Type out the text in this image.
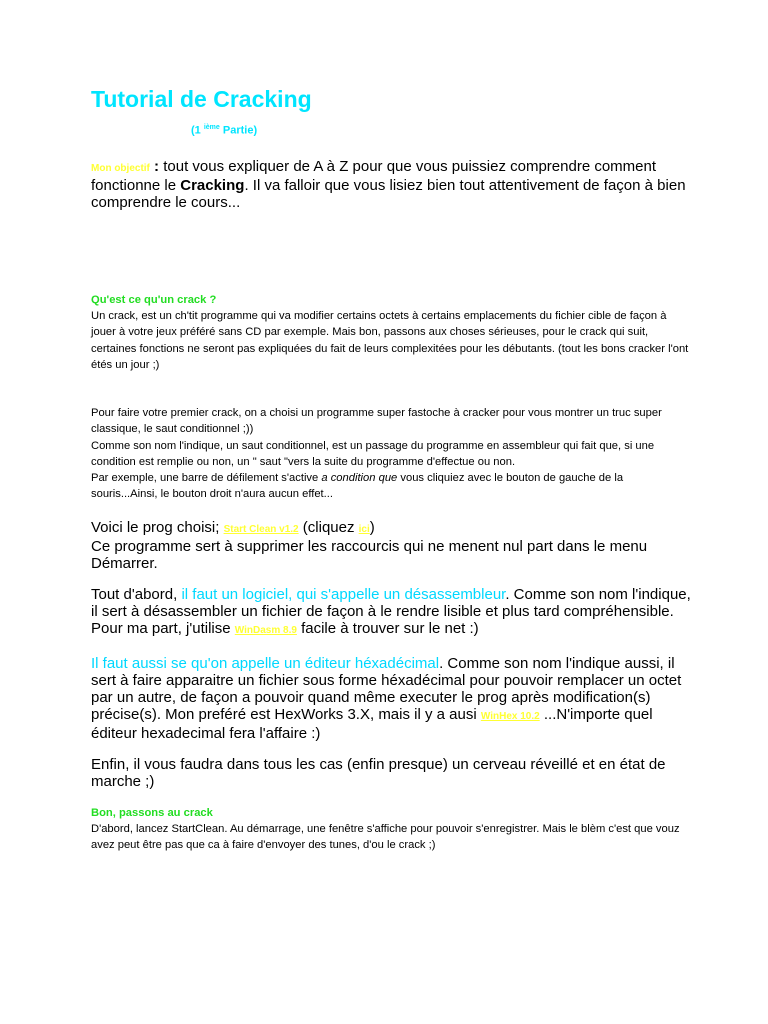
Tutorial de Cracking
(1 $^{ième}$ Partie)
Mon objectif : tout vous expliquer de A à Z pour que vous puissiez comprendre comment fonctionne le Cracking. Il va falloir que vous lisiez bien tout attentivement de façon à bien comprendre le cours...
Qu'est ce qu'un crack ?

Un crack, est un ch'tit programme qui va modifier certains octets à certains emplacements du fichier cible de façon à jouer à votre jeux préféré sans CD par exemple. Mais bon, passons aux choses sérieuses, pour le crack qui suit, certaines fonctions ne seront pas expliquées du fait de leurs complexitées pour les débutants. (tout les bons cracker l'ont étés un jour ;)

Pour faire votre premier crack, on a choisi un programme super fastoche à cracker pour vous montrer un truc super classique, le saut conditionnel ;))

Comme son nom l'indique, un saut conditionnel, est un passage du programme en assembleur qui fait que, si une condition est remplie ou non, un " saut "vers la suite du programme d'effectue ou non.

Par exemple, une barre de défilement s'active a condition que vous cliquiez avec le bouton de gauche de la souris...Ainsi, le bouton droit n'aura aucun effet...

Voici le prog choisi; Start Clean v1.2 (cliquez ici)

Ce programme sert à supprimer les raccourcis qui ne menent nul part dans le menu Démarrer.

Tout d'abord, il faut un logiciel, qui s'appelle un désassembleur. Comme son nom l'indique, il sert à désassembler un fichier de façon à le rendre lisible et plus tard compréhensible. Pour ma part, j'utilise WinDasm 8.9 facile à trouver sur le net :)
Il faut aussi se qu'on appelle un éditeur héxadécimal. Comme son nom l'indique aussi, il sert à faire apparaitre un fichier sous forme héxadécimal pour pouvoir remplacer un octet par un autre, de façon a pouvoir quand même executer le prog après modification(s) précise(s). Mon preféré est HexWorks 3.X, mais il y a ausi WinHex 10.2 ...N'importe quel éditeur hexadecimal fera l'affaire :)
Enfin, il vous faudra dans tous les cas (enfin presque) un cerveau réveillé et en état de marche ;)
Bon, passons au crack

D'abord, lancez StartClean. Au démarrage, une fenêtre s'affiche pour pouvoir s'enregistrer. Mais le blèm c'est que vouz avez peut être pas que ca à faire d'envoyer des tunes, d'ou le crack ;)
